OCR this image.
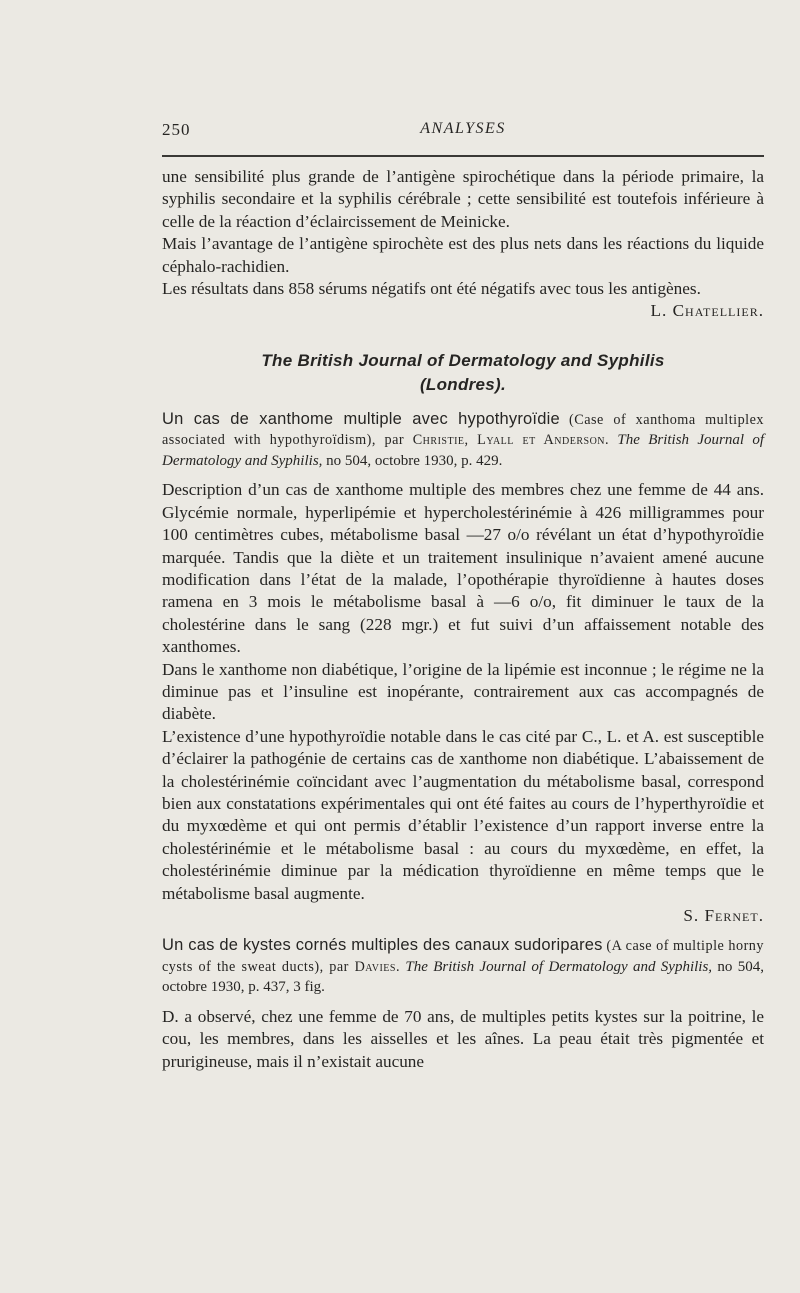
250	ANALYSES

une sensibilité plus grande de l’antigène spirochétique dans la période primaire, la syphilis secondaire et la syphilis cérébrale ; cette sensibilité est toutefois inférieure à celle de la réaction d’éclaircissement de Meinicke.

Mais l’avantage de l’antigène spirochète est des plus nets dans les réactions du liquide céphalo-rachidien.

Les résultats dans 858 sérums négatifs ont été négatifs avec tous les antigènes.

L. Chatellier.

The British Journal of Dermatology and Syphilis
(Londres).

Un cas de xanthome multiple avec hypothyroïdie (Case of xanthoma multiplex associated with hypothyroïdism), par Christie, Lyall et Anderson. The British Journal of Dermatology and Syphilis, no 504, octobre 1930, p. 429.

Description d’un cas de xanthome multiple des membres chez une femme de 44 ans. Glycémie normale, hyperlipémie et hypercholestérinémie à 426 milligrammes pour 100 centimètres cubes, métabolisme basal —27 o/o révélant un état d’hypothyroïdie marquée. Tandis que la diète et un traitement insulinique n’avaient amené aucune modification dans l’état de la malade, l’opothérapie thyroïdienne à hautes doses ramena en 3 mois le métabolisme basal à —6 o/o, fit diminuer le taux de la cholestérine dans le sang (228 mgr.) et fut suivi d’un affaissement notable des xanthomes.

Dans le xanthome non diabétique, l’origine de la lipémie est inconnue ; le régime ne la diminue pas et l’insuline est inopérante, contrairement aux cas accompagnés de diabète.

L’existence d’une hypothyroïdie notable dans le cas cité par C., L. et A. est susceptible d’éclairer la pathogénie de certains cas de xanthome non diabétique. L’abaissement de la cholestérinémie coïncidant avec l’augmentation du métabolisme basal, correspond bien aux constatations expérimentales qui ont été faites au cours de l’hyperthyroïdie et du myxœdème et qui ont permis d’établir l’existence d’un rapport inverse entre la cholestérinémie et le métabolisme basal : au cours du myxœdème, en effet, la cholestérinémie diminue par la médication thyroïdienne en même temps que le métabolisme basal augmente.

S. Fernet.

Un cas de kystes cornés multiples des canaux sudoripares (A case of multiple horny cysts of the sweat ducts), par Davies. The British Journal of Dermatology and Syphilis, no 504, octobre 1930, p. 437, 3 fig.

D. a observé, chez une femme de 70 ans, de multiples petits kystes sur la poitrine, le cou, les membres, dans les aisselles et les aînes. La peau était très pigmentée et prurigineuse, mais il n’existait aucune
